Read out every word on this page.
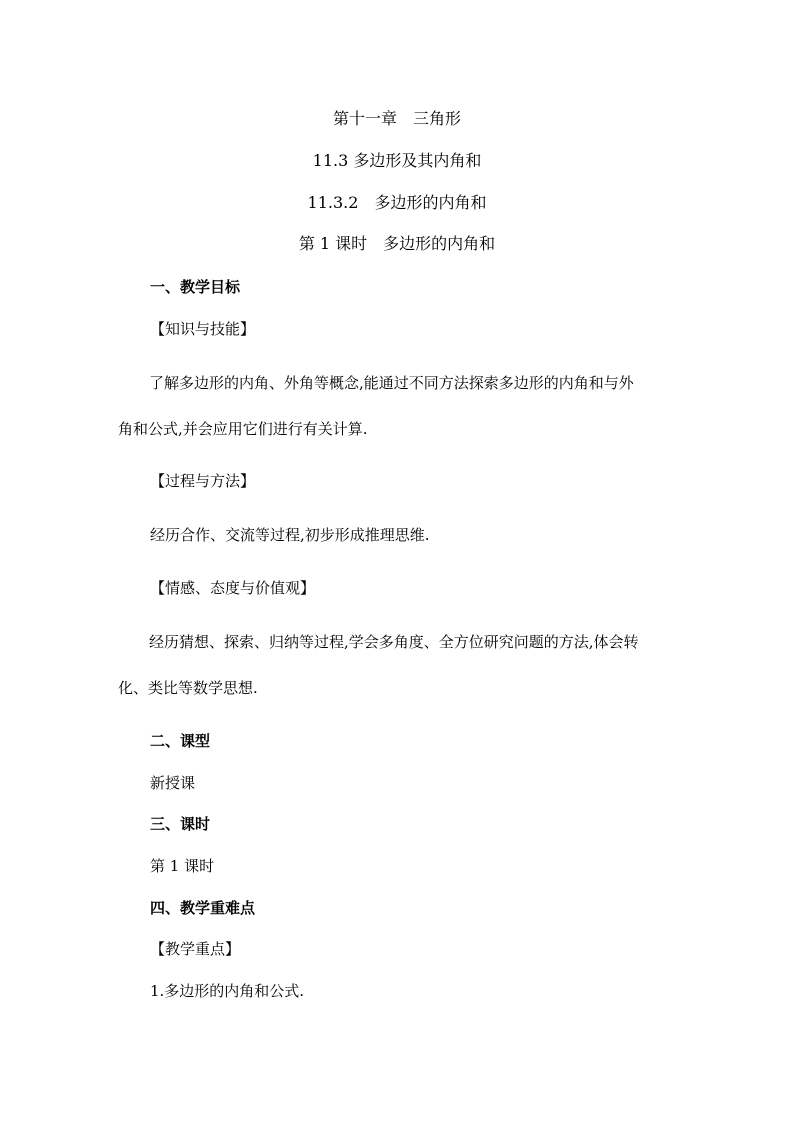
第十一章　三角形
11.3 多边形及其内角和
11.3.2　多边形的内角和
第 1 课时　多边形的内角和
一、教学目标
【知识与技能】
了解多边形的内角、外角等概念,能通过不同方法探索多边形的内角和与外
角和公式,并会应用它们进行有关计算.
【过程与方法】
经历合作、交流等过程,初步形成推理思维.
【情感、态度与价值观】
经历猜想、探索、归纳等过程,学会多角度、全方位研究问题的方法,体会转
化、类比等数学思想.
二、课型
新授课
三、课时
第 1 课时
四、教学重难点
【教学重点】
1.多边形的内角和公式.
